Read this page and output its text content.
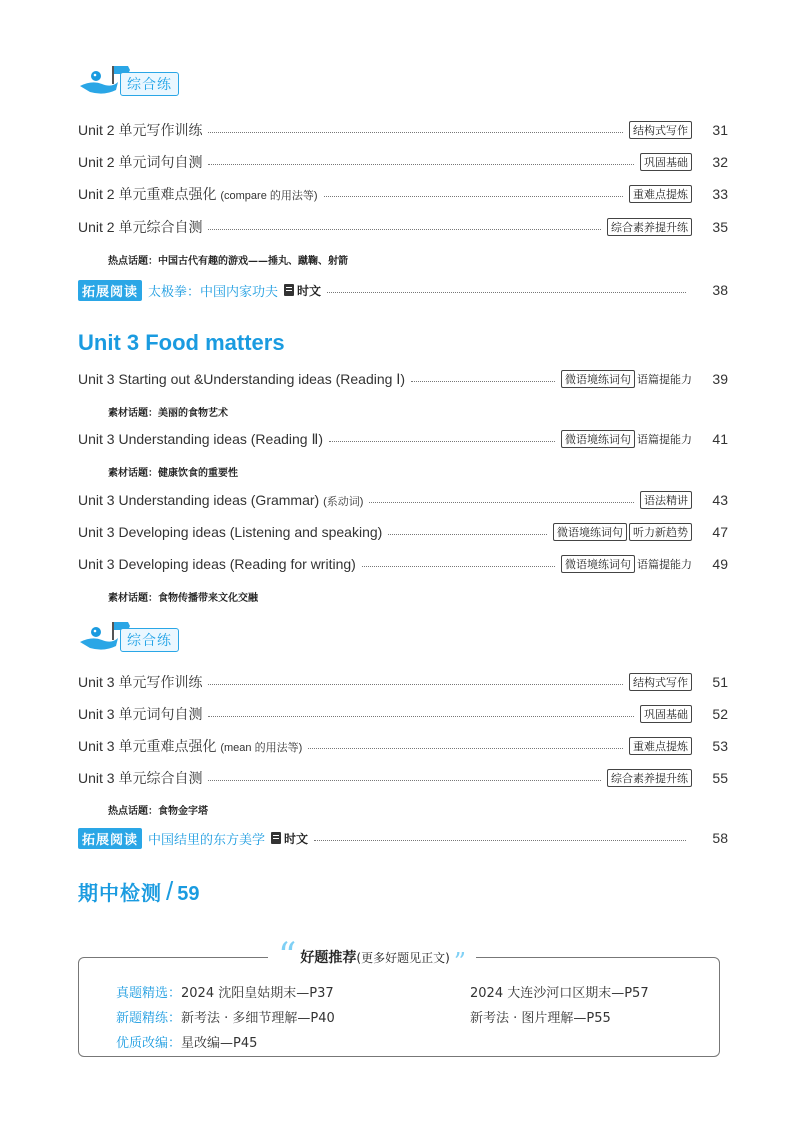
综合练
Unit 2 单元写作训练	结构式写作	31
Unit 2 单元词句自测	巩固基础	32
Unit 2 单元重难点强化 (compare 的用法等)	重难点提炼	33
Unit 2 单元综合自测	综合素养提升练	35
热点话题：中国古代有趣的游戏——捶丸、蹴鞠、射箭
拓展阅读 太极拳：中国内家功夫 时文	38
Unit 3 Food matters
Unit 3 Starting out &Understanding ideas (Reading Ⅰ)	微语境练词句 语篇提能力	39
素材话题：美丽的食物艺术
Unit 3 Understanding ideas (Reading Ⅱ)	微语境练词句 语篇提能力	41
素材话题：健康饮食的重要性
Unit 3 Understanding ideas (Grammar) (系动词)	语法精讲	43
Unit 3 Developing ideas (Listening and speaking)	微语境练词句 听力新趋势	47
Unit 3 Developing ideas (Reading for writing)	微语境练词句 语篇提能力	49
素材话题：食物传播带来文化交融
综合练
Unit 3 单元写作训练	结构式写作	51
Unit 3 单元词句自测	巩固基础	52
Unit 3 单元重难点强化 (mean 的用法等)	重难点提炼	53
Unit 3 单元综合自测	综合素养提升练	55
热点话题：食物金字塔
拓展阅读 中国结里的东方美学 时文	58
期中检测 / 59
“ 好题推荐 (更多好题见正文) ”
真题精选：2024 沈阳皇姑期末—P37	2024 大连沙河口区期末—P57
新题精练：新考法 · 多细节理解—P40	新考法 · 图片理解—P55
优质改编：星改编—P45
